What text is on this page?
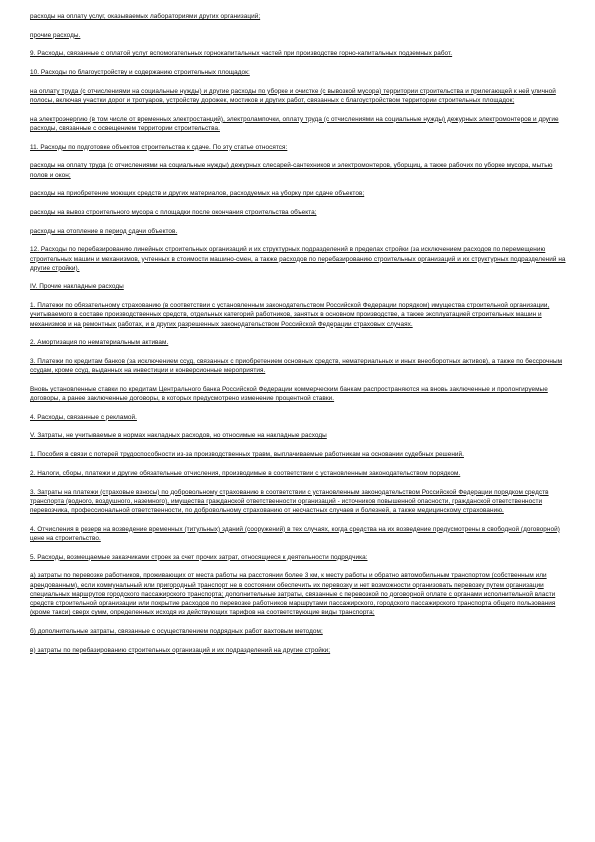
расходы на оплату услуг, оказываемых лабораториями других организаций;

прочие расходы.

9. Расходы, связанные с оплатой услуг вспомогательных горнокапитальных частей при производстве горно-капитальных подземных работ.

10. Расходы по благоустройству и содержанию строительных площадок:

на оплату труда (с отчислениями на социальные нужды) и другие расходы по уборке и очистке (с вывозкой мусора) территории строительства и прилегающей к ней уличной полосы, включая участки дорог и тротуаров, устройству дорожек, мостиков и других работ, связанных с благоустройством территории строительных площадок;

на электроэнергию (в том числе от временных электростанций), электролампочки, оплату труда (с отчислениями на социальные нужды) дежурных электромонтеров и другие расходы, связанные с освещением территории строительства.

11. Расходы по подготовке объектов строительства к сдаче. По эту статье относятся:

расходы на оплату труда (с отчислениями на социальные нужды) дежурных слесарей-сантехников и электромонтеров, уборщиц, а также рабочих по уборке мусора, мытью полов и окон;

расходы на приобретение моющих средств и других материалов, расходуемых на уборку при сдаче объектов;

расходы на вывоз строительного мусора с площадки после окончания строительства объекта;

расходы на отопление в период сдачи объектов.

12. Расходы по перебазированию линейных строительных организаций и их структурных подразделений в пределах стройки (за исключением расходов по перемещению строительных машин и механизмов, учтенных в стоимости машино-смен, а также расходов по перебазированию строительных организаций и их структурных подразделений на другие стройки).

IV. Прочие накладные расходы

1. Платежи по обязательному страхованию (в соответствии с установленным законодательством Российской Федерации порядком) имущества строительной организации, учитываемого в составе производственных средств, отдельных категорий работников, занятых в основном производстве, а также эксплуатацией строительных машин и механизмов и на ремонтных работах, и в других разрешенных законодательством Российской Федерации страховых случаях.

2. Амортизация по нематериальным активам.

3. Платежи по кредитам банков (за исключением ссуд, связанных с приобретением основных средств, нематериальных и иных внеоборотных активов), а также по бессрочным ссудам, кроме ссуд, выданных на инвестиции и конверсионные мероприятия.

Вновь установленные ставки по кредитам Центрального банка Российской Федерации коммерческим банкам распространяются на вновь заключенные и пролонгируемые договоры, а ранее заключенные договоры, в которых предусмотрено изменение процентной ставки.

4. Расходы, связанные с рекламой.

V. Затраты, не учитываемые в нормах накладных расходов, но относимые на накладные расходы

1. Пособия в связи с потерей трудоспособности из-за производственных травм, выплачиваемые работникам на основании судебных решений.

2. Налоги, сборы, платежи и другие обязательные отчисления, производимые в соответствии с установленным законодательством порядком.

3. Затраты на платежи (страховые взносы) по добровольному страхованию в соответствии с установленным законодательством Российской Федерации порядком средств транспорта (водного, воздушного, наземного), имущества гражданской ответственности организаций - источников повышенной опасности, гражданской ответственности перевозчика, профессиональной ответственности, по добровольному страхованию от несчастных случаев и болезней, а также медицинскому страхованию.

4. Отчисления в резерв на возведение временных (титульных) зданий (сооружений) в тех случаях, когда средства на их возведение предусмотрены в свободной (договорной) цене на строительство.

5. Расходы, возмещаемые заказчиками строек за счет прочих затрат, относящиеся к деятельности подрядчика:

а) затраты по перевозке работников, проживающих от места работы на расстоянии более 3 км, к месту работы и обратно автомобильным транспортом (собственным или арендованным), если коммунальный или пригородный транспорт не в состоянии обеспечить их перевозку и нет возможности организовать перевозку путем организации специальных маршрутов городского пассажирского транспорта; дополнительные затраты, связанные с перевозкой по договорной оплате с органами исполнительной власти средств строительной организации или покрытие расходов по перевозке работников маршрутами пассажирского, городского пассажирского транспорта общего пользования (кроме такси) сверх сумм, определенных исходя из действующих тарифов на соответствующие виды транспорта;

б) дополнительные затраты, связанные с осуществлением подрядных работ вахтовым методом;

в) затраты по перебазированию строительных организаций и их подразделений на другие стройки;
